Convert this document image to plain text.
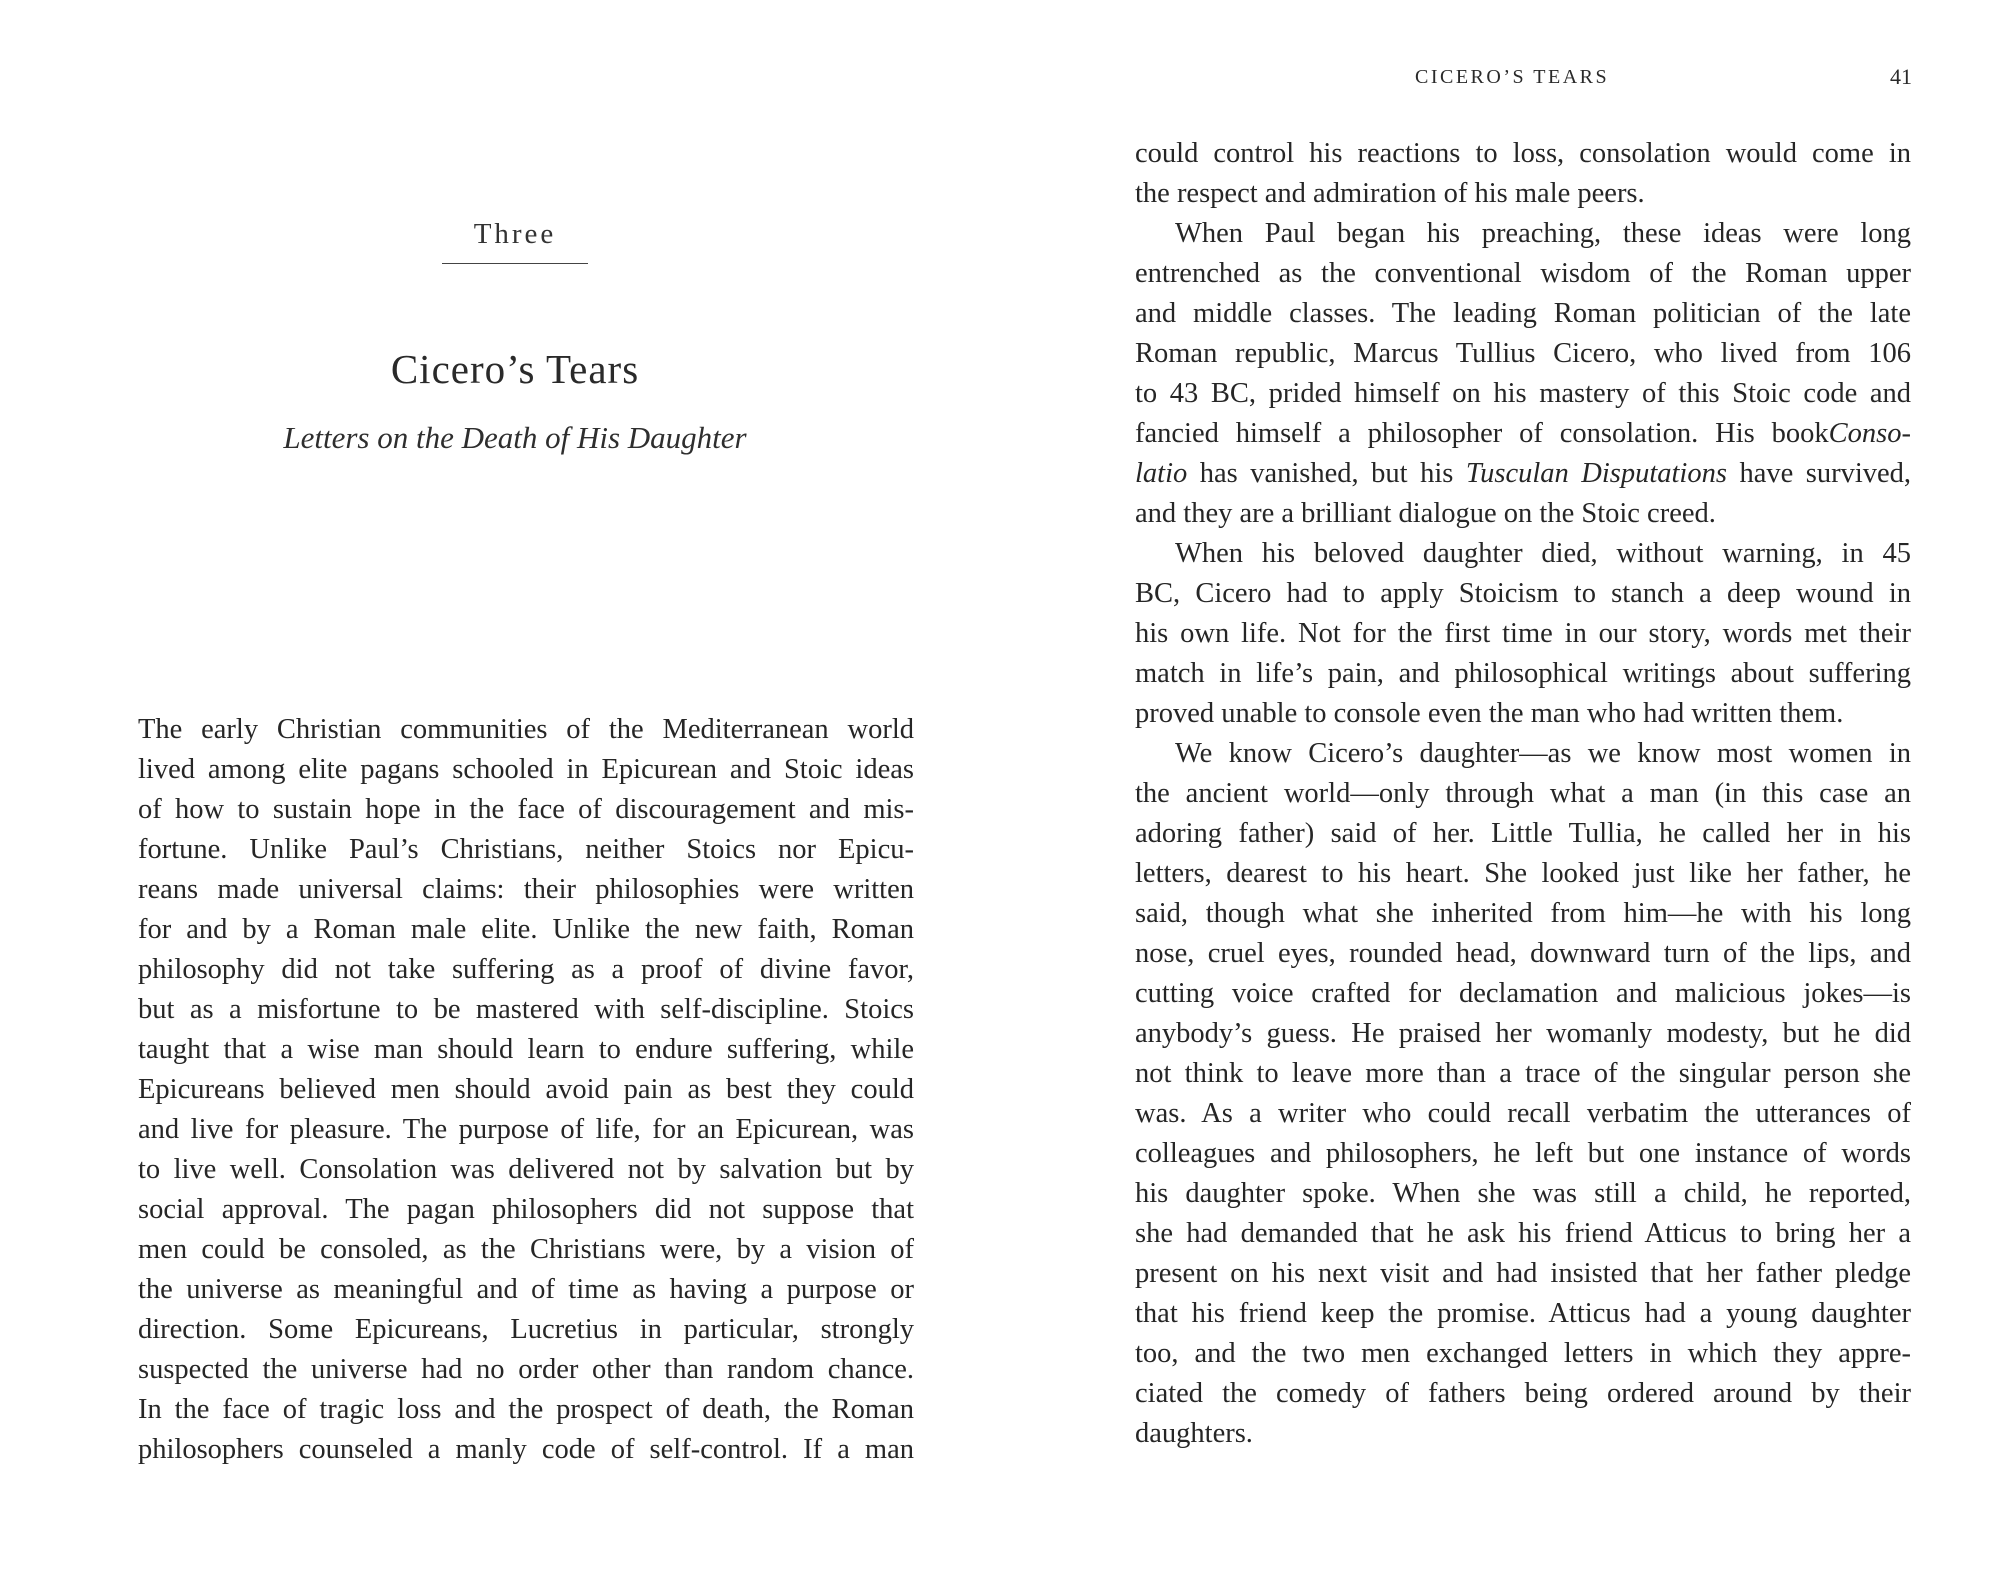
Three
Cicero’s Tears
Letters on the Death of His Daughter
The early Christian communities of the Mediterranean world
lived among elite pagans schooled in Epicurean and Stoic ideas
of how to sustain hope in the face of discouragement and mis-
fortune. Unlike Paul’s Christians, neither Stoics nor Epicu-
reans made universal claims: their philosophies were written
for and by a Roman male elite. Unlike the new faith, Roman
philosophy did not take suffering as a proof of divine favor,
but as a misfortune to be mastered with self-discipline. Stoics
taught that a wise man should learn to endure suffering, while
Epicureans believed men should avoid pain as best they could
and live for pleasure. The purpose of life, for an Epicurean, was
to live well. Consolation was delivered not by salvation but by
social approval. The pagan philosophers did not suppose that
men could be consoled, as the Christians were, by a vision of
the universe as meaningful and of time as having a purpose or
direction. Some Epicureans, Lucretius in particular, strongly
suspected the universe had no order other than random chance.
In the face of tragic loss and the prospect of death, the Roman
philosophers counseled a manly code of self-control. If a man
CICERO’S TEARS	41
could control his reactions to loss, consolation would come in
the respect and admiration of his male peers.
When Paul began his preaching, these ideas were long
entrenched as the conventional wisdom of the Roman upper
and middle classes. The leading Roman politician of the late
Roman republic, Marcus Tullius Cicero, who lived from 106
to 43 BC, prided himself on his mastery of this Stoic code and
fancied himself a philosopher of consolation. His bookConso-
latio has vanished, but his Tusculan Disputations have survived,
and they are a brilliant dialogue on the Stoic creed.
When his beloved daughter died, without warning, in 45
BC, Cicero had to apply Stoicism to stanch a deep wound in
his own life. Not for the first time in our story, words met their
match in life’s pain, and philosophical writings about suffering
proved unable to console even the man who had written them.
We know Cicero’s daughter—as we know most women in
the ancient world—only through what a man (in this case an
adoring father) said of her. Little Tullia, he called her in his
letters, dearest to his heart. She looked just like her father, he
said, though what she inherited from him—he with his long
nose, cruel eyes, rounded head, downward turn of the lips, and
cutting voice crafted for declamation and malicious jokes—is
anybody’s guess. He praised her womanly modesty, but he did
not think to leave more than a trace of the singular person she
was. As a writer who could recall verbatim the utterances of
colleagues and philosophers, he left but one instance of words
his daughter spoke. When she was still a child, he reported,
she had demanded that he ask his friend Atticus to bring her a
present on his next visit and had insisted that her father pledge
that his friend keep the promise. Atticus had a young daughter
too, and the two men exchanged letters in which they appre-
ciated the comedy of fathers being ordered around by their
daughters.
